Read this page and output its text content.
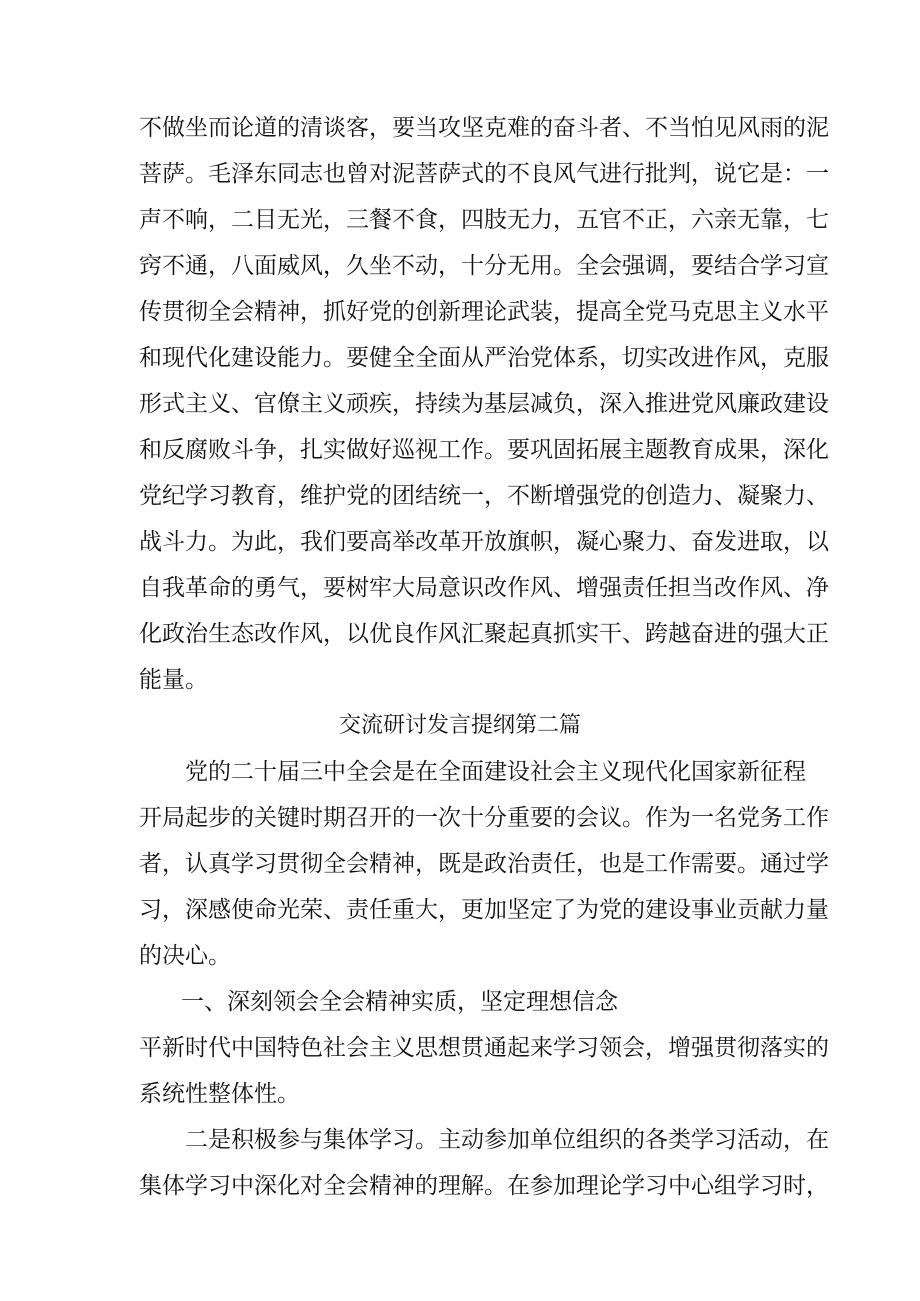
不做坐而论道的清谈客，要当攻坚克难的奋斗者、不当怕见风雨的泥
菩萨。毛泽东同志也曾对泥菩萨式的不良风气进行批判，说它是：一
声不响，二目无光，三餐不食，四肢无力，五官不正，六亲无靠，七
窍不通，八面威风，久坐不动，十分无用。全会强调，要结合学习宣
传贯彻全会精神，抓好党的创新理论武装，提高全党马克思主义水平
和现代化建设能力。要健全全面从严治党体系，切实改进作风，克服
形式主义、官僚主义顽疾，持续为基层减负，深入推进党风廉政建设
和反腐败斗争，扎实做好巡视工作。要巩固拓展主题教育成果，深化
党纪学习教育，维护党的团结统一，不断增强党的创造力、凝聚力、
战斗力。为此，我们要高举改革开放旗帜，凝心聚力、奋发进取，以
自我革命的勇气，要树牢大局意识改作风、增强责任担当改作风、净
化政治生态改作风，以优良作风汇聚起真抓实干、跨越奋进的强大正
能量。
交流研讨发言提纲第二篇
党的二十届三中全会是在全面建设社会主义现代化国家新征程
开局起步的关键时期召开的一次十分重要的会议。作为一名党务工作
者，认真学习贯彻全会精神，既是政治责任，也是工作需要。通过学
习，深感使命光荣、责任重大，更加坚定了为党的建设事业贡献力量
的决心。
一、深刻领会全会精神实质，坚定理想信念
平新时代中国特色社会主义思想贯通起来学习领会，增强贯彻落实的
系统性整体性。
二是积极参与集体学习。主动参加单位组织的各类学习活动，在
集体学习中深化对全会精神的理解。在参加理论学习中心组学习时，
